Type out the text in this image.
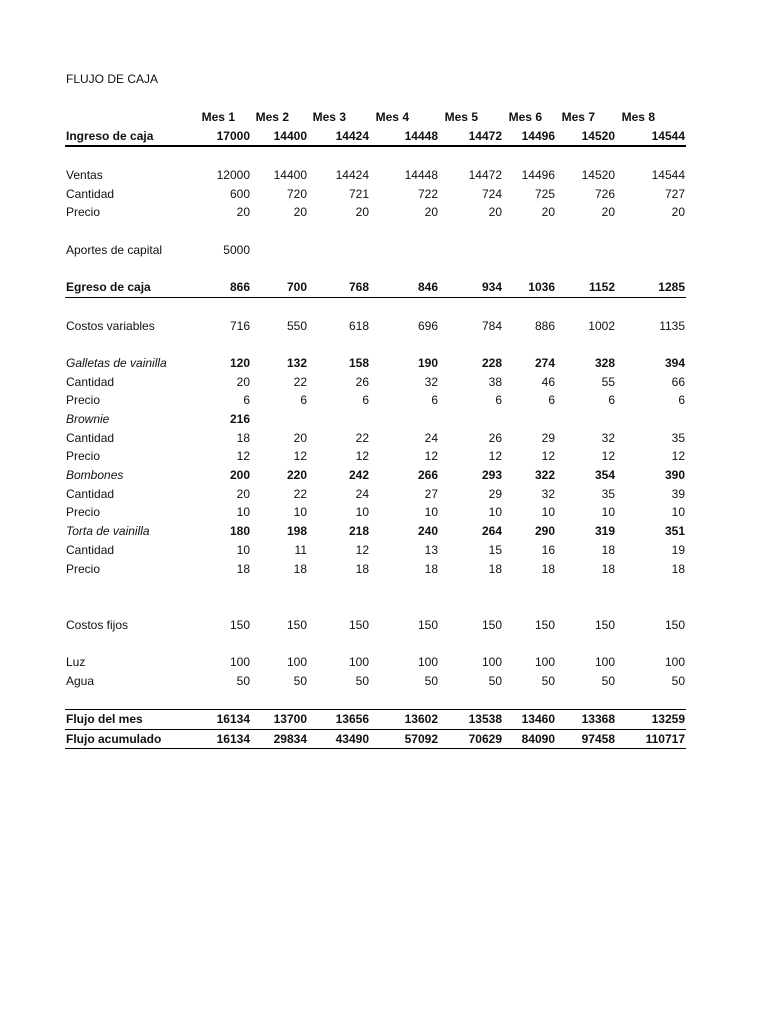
FLUJO DE CAJA
Mes 1 Mes 2 Mes 3 Mes 4	Mes 5	Mes 6 Mes 7 Mes 8
Ingreso de caja	17000 14400 14424	14448	14472 14496 14520	14544
Ventas	12000 14400 14424	14448	14472 14496 14520	14544
Cantidad	600	720	721	722	724	725	726	727
Precio	20	20	20	20	20	20	20	20
Aportes de capital	5000
Egreso de caja	866	700	768	846	934 1036	1152	1285
Costos variables	716	550	618	696	784	886	1002	1135
Galletas de vainilla	120	132	158	190	228	274	328	394
Cantidad	20	22	26	32	38	46	55	66
Precio	6	6	6	6	6	6	6	6
Brownie	216
Cantidad	18	20	22	24	26	29	32	35
Precio	12	12	12	12	12	12	12	12
Bombones	200	220	242	266	293	322	354	390
Cantidad	20	22	24	27	29	32	35	39
Precio	10	10	10	10	10	10	10	10
Torta de vainilla	180	198	218	240	264	290	319	351
Cantidad	10	11	12	13	15	16	18	19
Precio	18	18	18	18	18	18	18	18
Costos fijos	150	150	150	150	150	150	150	150
Luz	100	100	100	100	100	100	100	100
Agua	50	50	50	50	50	50	50	50
Flujo del mes	16134 13700 13656	13602	13538 13460 13368	13259
Flujo acumulado	16134 29834 43490	57092	70629 84090 97458	110717
